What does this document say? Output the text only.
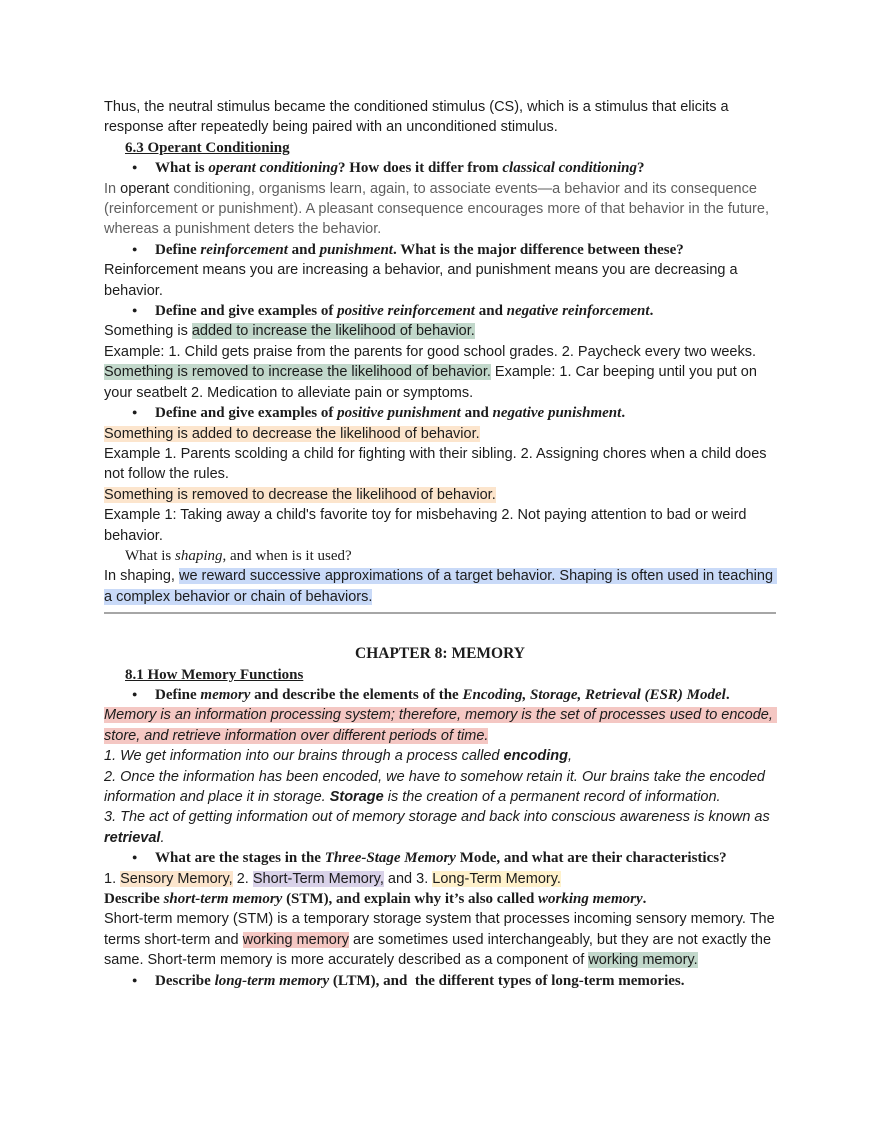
Thus, the neutral stimulus became the conditioned stimulus (CS), which is a stimulus that elicits a response after repeatedly being paired with an unconditioned stimulus.
6.3 Operant Conditioning
● What is operant conditioning? How does it differ from classical conditioning?
In operant conditioning, organisms learn, again, to associate events—a behavior and its consequence (reinforcement or punishment). A pleasant consequence encourages more of that behavior in the future, whereas a punishment deters the behavior.
● Define reinforcement and punishment. What is the major difference between these?
Reinforcement means you are increasing a behavior, and punishment means you are decreasing a behavior.
● Define and give examples of positive reinforcement and negative reinforcement.
Something is added to increase the likelihood of behavior.
Example: 1. Child gets praise from the parents for good school grades. 2. Paycheck every two weeks.
Something is removed to increase the likelihood of behavior. Example: 1. Car beeping until you put on your seatbelt 2. Medication to alleviate pain or symptoms.
● Define and give examples of positive punishment and negative punishment.
Something is added to decrease the likelihood of behavior.
Example 1. Parents scolding a child for fighting with their sibling. 2. Assigning chores when a child does not follow the rules.
Something is removed to decrease the likelihood of behavior.
Example 1: Taking away a child's favorite toy for misbehaving 2. Not paying attention to bad or weird behavior.
What is shaping, and when is it used?
In shaping, we reward successive approximations of a target behavior. Shaping is often used in teaching a complex behavior or chain of behaviors.
CHAPTER 8: MEMORY
8.1 How Memory Functions
● Define memory and describe the elements of the Encoding, Storage, Retrieval (ESR) Model.
Memory is an information processing system; therefore, memory is the set of processes used to encode, store, and retrieve information over different periods of time.
1. We get information into our brains through a process called encoding,
2. Once the information has been encoded, we have to somehow retain it. Our brains take the encoded information and place it in storage. Storage is the creation of a permanent record of information.
3. The act of getting information out of memory storage and back into conscious awareness is known as retrieval.
● What are the stages in the Three-Stage Memory Mode, and what are their characteristics?
1. Sensory Memory, 2. Short-Term Memory, and 3. Long-Term Memory.
Describe short-term memory (STM), and explain why it’s also called working memory.
Short-term memory (STM) is a temporary storage system that processes incoming sensory memory. The terms short-term and working memory are sometimes used interchangeably, but they are not exactly the same. Short-term memory is more accurately described as a component of working memory.
● Describe long-term memory (LTM), and  the different types of long-term memories.
